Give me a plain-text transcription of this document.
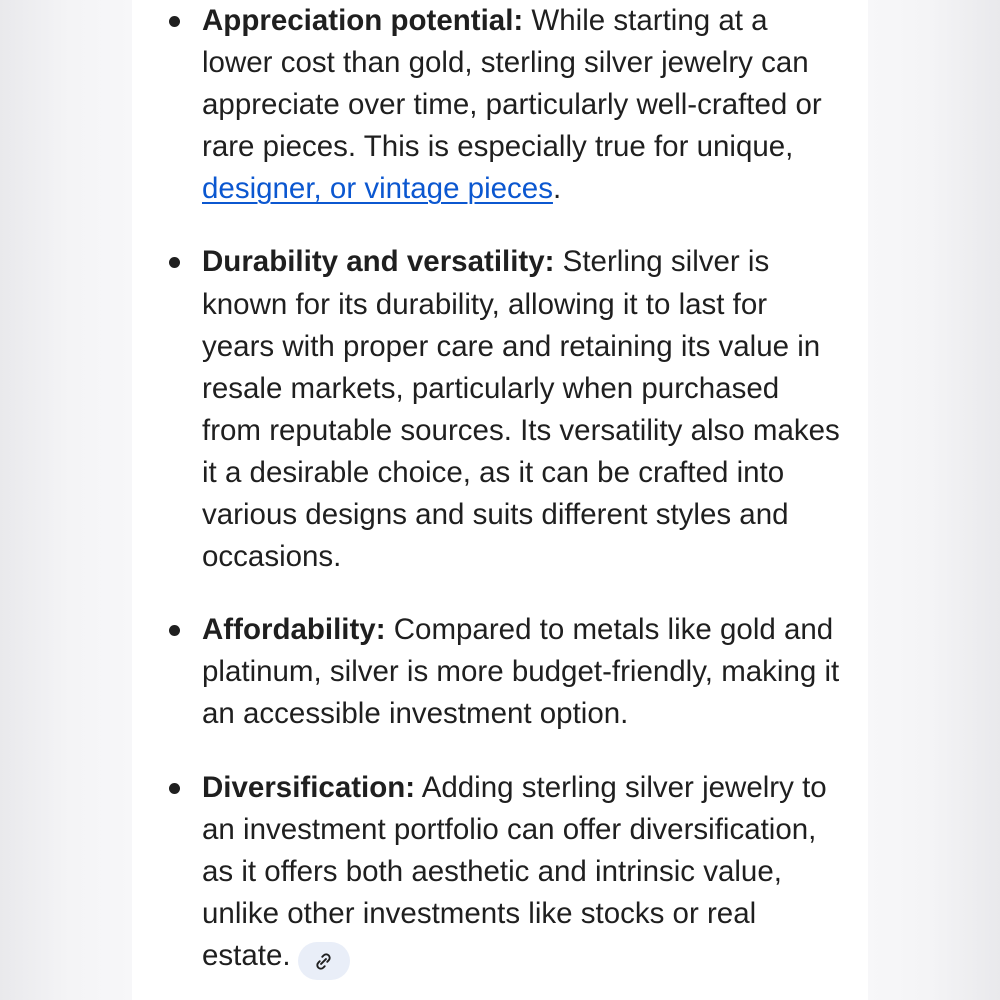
Appreciation potential: While starting at a lower cost than gold, sterling silver jewelry can appreciate over time, particularly well-crafted or rare pieces. This is especially true for unique, designer, or vintage pieces.
Durability and versatility: Sterling silver is known for its durability, allowing it to last for years with proper care and retaining its value in resale markets, particularly when purchased from reputable sources. Its versatility also makes it a desirable choice, as it can be crafted into various designs and suits different styles and occasions.
Affordability: Compared to metals like gold and platinum, silver is more budget-friendly, making it an accessible investment option.
Diversification: Adding sterling silver jewelry to an investment portfolio can offer diversification, as it offers both aesthetic and intrinsic value, unlike other investments like stocks or real estate.
